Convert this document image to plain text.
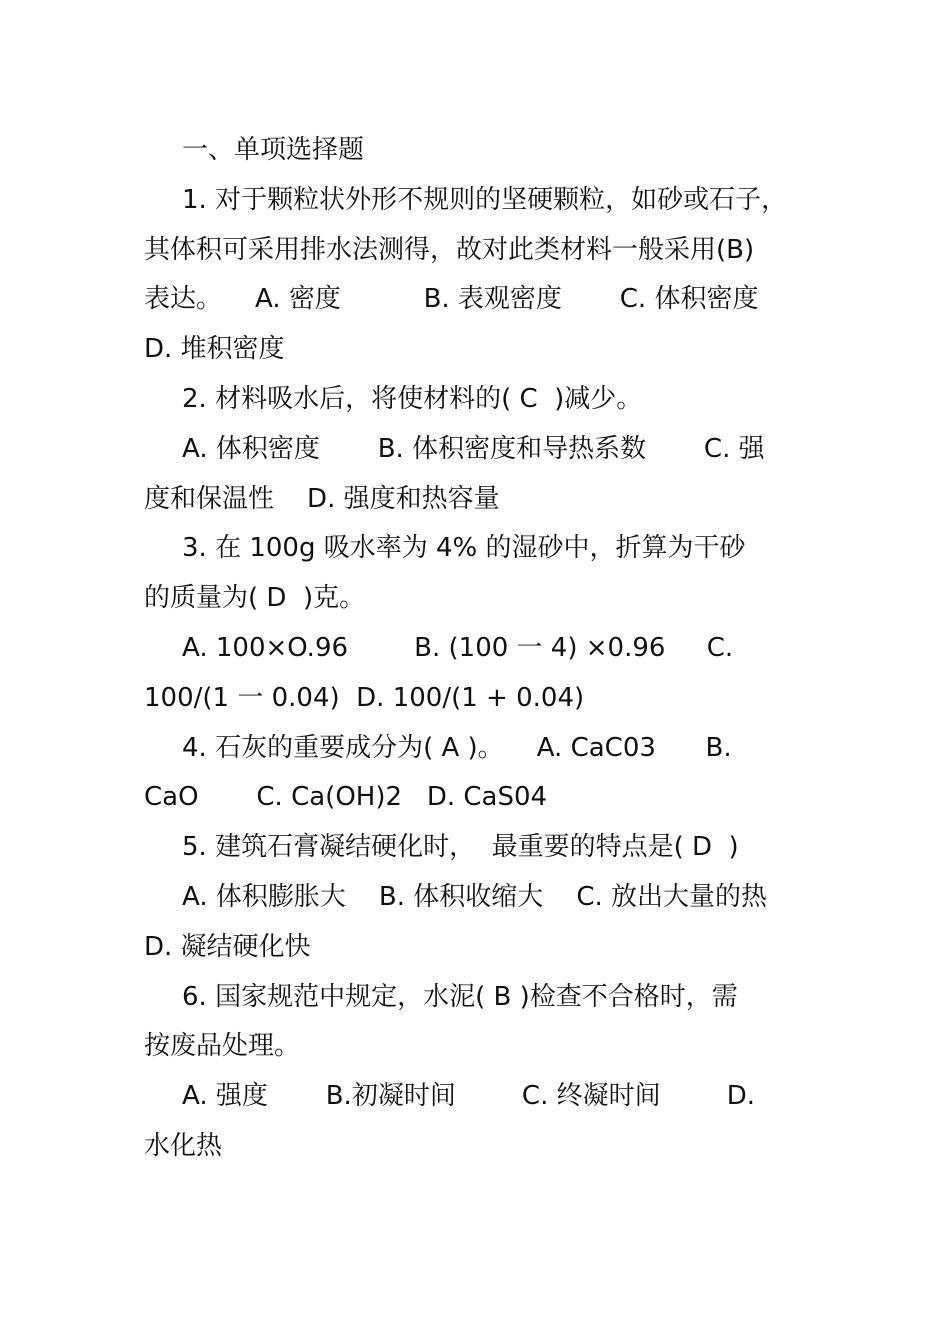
一、单项选择题
1. 对于颗粒状外形不规则的坚硬颗粒，如砂或石子，
其体积可采用排水法测得，故对此类材料一般采用(B)
表达。    A. 密度          B. 表观密度       C. 体积密度
D. 堆积密度
2. 材料吸水后，将使材料的( C  )减少。
A. 体积密度       B. 体积密度和导热系数       C. 强
度和保温性    D. 强度和热容量
3. 在 100g 吸水率为 4% 的湿砂中，折算为干砂
的质量为( D  )克。
A. 100×O.96        B. (100 一 4) ×0.96     C.
100/(1 一 0.04)  D. 100/(1 + 0.04)
4. 石灰的重要成分为( A )。    A. CaC03      B.
CaO       C. Ca(OH)2   D. CaS04
5. 建筑石膏凝结硬化时，  最重要的特点是( D  )
A. 体积膨胀大    B. 体积收缩大    C. 放出大量的热
D. 凝结硬化快
6. 国家规范中规定，水泥( B )检查不合格时，需
按废品处理。
A. 强度       B.初凝时间        C. 终凝时间        D.
水化热
